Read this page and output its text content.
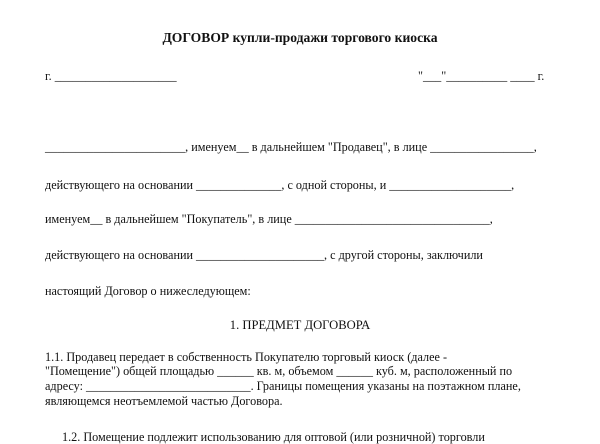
ДОГОВОР купли-продажи торгового киоска
г. ____________________	"___"__________ ____ г.
_______________________, именуем__ в дальнейшем "Продавец", в лице _________________,
действующего на основании ______________, с одной стороны, и ____________________,
именуем__ в дальнейшем "Покупатель", в лице ________________________________,
действующего на основании _____________________, с другой стороны, заключили
настоящий Договор о нижеследующем:
1. ПРЕДМЕТ ДОГОВОРА
1.1. Продавец передает в собственность Покупателю торговый киоск (далее -
"Помещение") общей площадью ______ кв. м, объемом ______ куб. м, расположенный по
адресу: ___________________________. Границы помещения указаны на поэтажном плане,
являющемся неотъемлемой частью Договора.
1.2. Помещение подлежит использованию для оптовой (или розничной) торговли
